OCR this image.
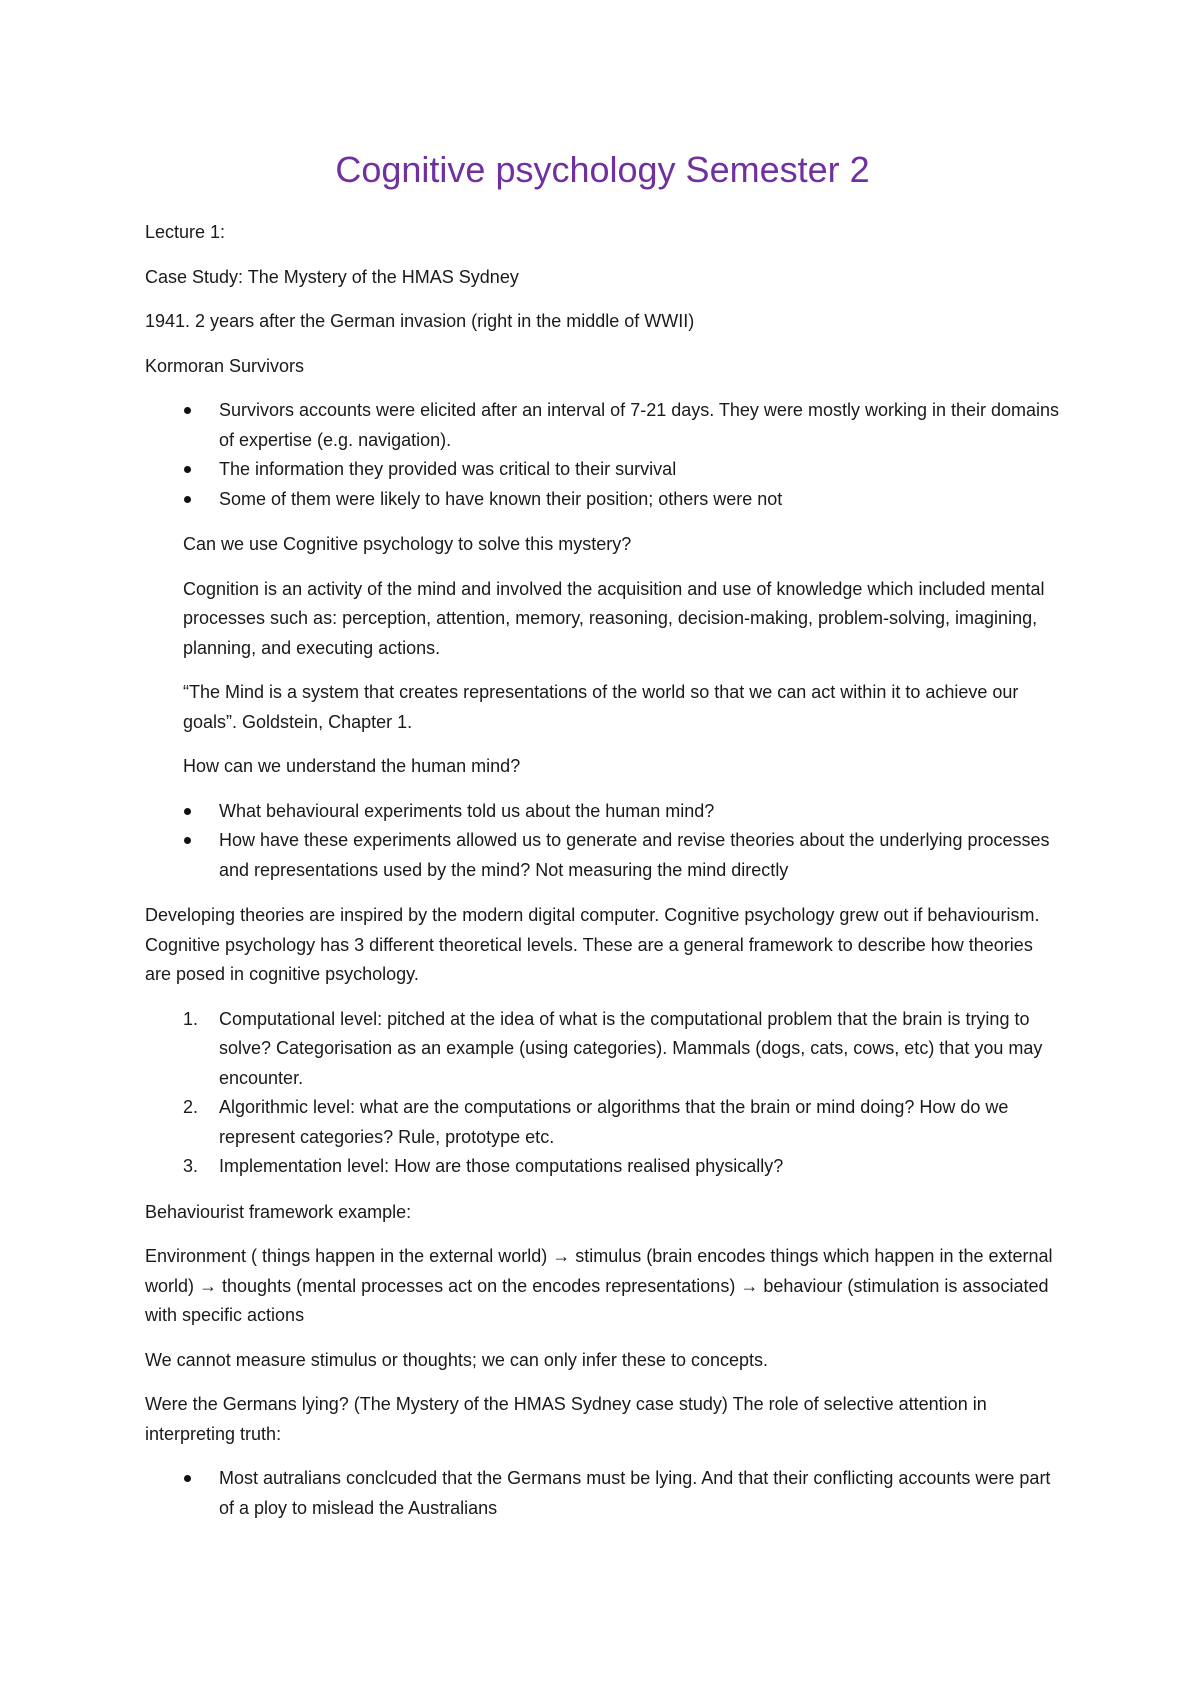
Cognitive psychology Semester 2

Lecture 1:

Case Study: The Mystery of the HMAS Sydney

1941. 2 years after the German invasion (right in the middle of WWII)

Kormoran Survivors

Survivors accounts were elicited after an interval of 7-21 days. They were mostly working in their domains of expertise (e.g. navigation).
The information they provided was critical to their survival
Some of them were likely to have known their position; others were not

Can we use Cognitive psychology to solve this mystery?

Cognition is an activity of the mind and involved the acquisition and use of knowledge which included mental processes such as: perception, attention, memory, reasoning, decision-making, problem-solving, imagining, planning, and executing actions.

“The Mind is a system that creates representations of the world so that we can act within it to achieve our goals”. Goldstein, Chapter 1.

How can we understand the human mind?

What behavioural experiments told us about the human mind?
How have these experiments allowed us to generate and revise theories about the underlying processes and representations used by the mind? Not measuring the mind directly

Developing theories are inspired by the modern digital computer. Cognitive psychology grew out if behaviourism. Cognitive psychology has 3 different theoretical levels. These are a general framework to describe how theories are posed in cognitive psychology.

1.	Computational level: pitched at the idea of what is the computational problem that the brain is trying to solve? Categorisation as an example (using categories). Mammals (dogs, cats, cows, etc) that you may encounter.
2.	Algorithmic level: what are the computations or algorithms that the brain or mind doing? How do we represent categories? Rule, prototype etc.
3.	Implementation level: How are those computations realised physically?

Behaviourist framework example:

Environment ( things happen in the external world) → stimulus (brain encodes things which happen in the external world) → thoughts (mental processes act on the encodes representations) → behaviour (stimulation is associated with specific actions

We cannot measure stimulus or thoughts; we can only infer these to concepts.

Were the Germans lying? (The Mystery of the HMAS Sydney case study) The role of selective attention in interpreting truth:

Most autralians conclcuded that the Germans must be lying. And that their conflicting accounts were part of a ploy to mislead the Australians
